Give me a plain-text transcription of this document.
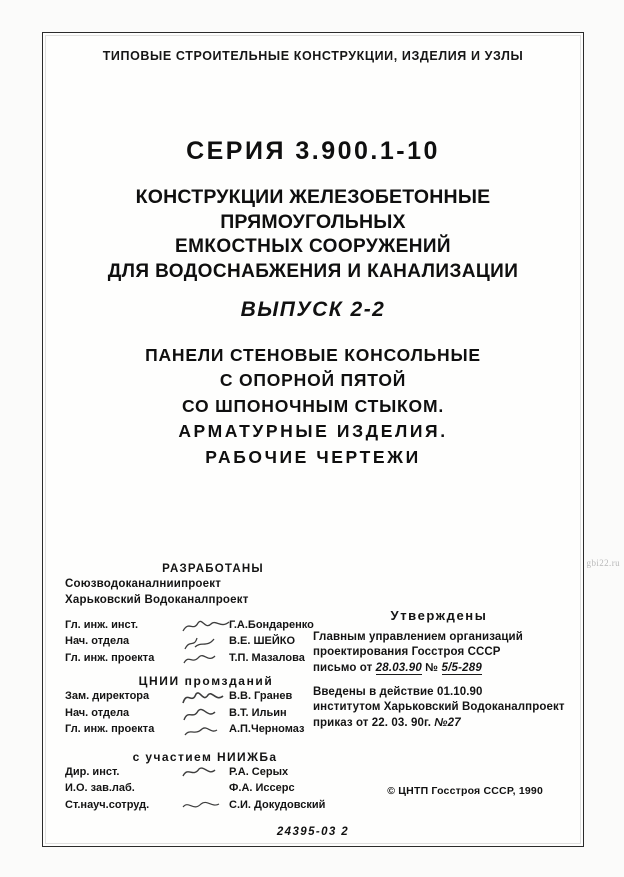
gbi22.ru
ТИПОВЫЕ СТРОИТЕЛЬНЫЕ КОНСТРУКЦИИ, ИЗДЕЛИЯ И УЗЛЫ
СЕРИЯ 3.900.1-10
КОНСТРУКЦИИ ЖЕЛЕЗОБЕТОННЫЕ ПРЯМОУГОЛЬНЫХ
ЕМКОСТНЫХ СООРУЖЕНИЙ
ДЛЯ ВОДОСНАБЖЕНИЯ И КАНАЛИЗАЦИИ
ВЫПУСК 2-2
ПАНЕЛИ СТЕНОВЫЕ КОНСОЛЬНЫЕ
С ОПОРНОЙ ПЯТОЙ
СО ШПОНОЧНЫМ СТЫКОМ.
АРМАТУРНЫЕ ИЗДЕЛИЯ.
РАБОЧИЕ ЧЕРТЕЖИ
РАЗРАБОТАНЫ
Союзводоканалниипроект
Харьковский Водоканалпроект
Гл. инж. инст.	Г.А.Бондаренко
Нач. отдела	В.Е. ШЕЙКО
Гл. инж. проекта	Т.П. Мазалова
ЦНИИ промзданий
Зам. директора	В.В. Гранев
Нач. отдела	В.Т. Ильин
Гл. инж. проекта	А.П.Черномаз
с участием НИИЖБа
Дир. инст.	Р.А. Серых
И.О. зав.лаб.	Ф.А. Иссерс
Ст.науч.сотруд.	С.И. Докудовский
Утверждены
Главным управлением организаций
проектирования Госстроя СССР
письмо от 28.03.90 № 5/5-289
Введены в действие 01.10.90
институтом Харьковский Водоканалпроект
приказ от 22. 03. 90г. №27
© ЦНТП Госстроя СССР, 1990
24395-03 2
